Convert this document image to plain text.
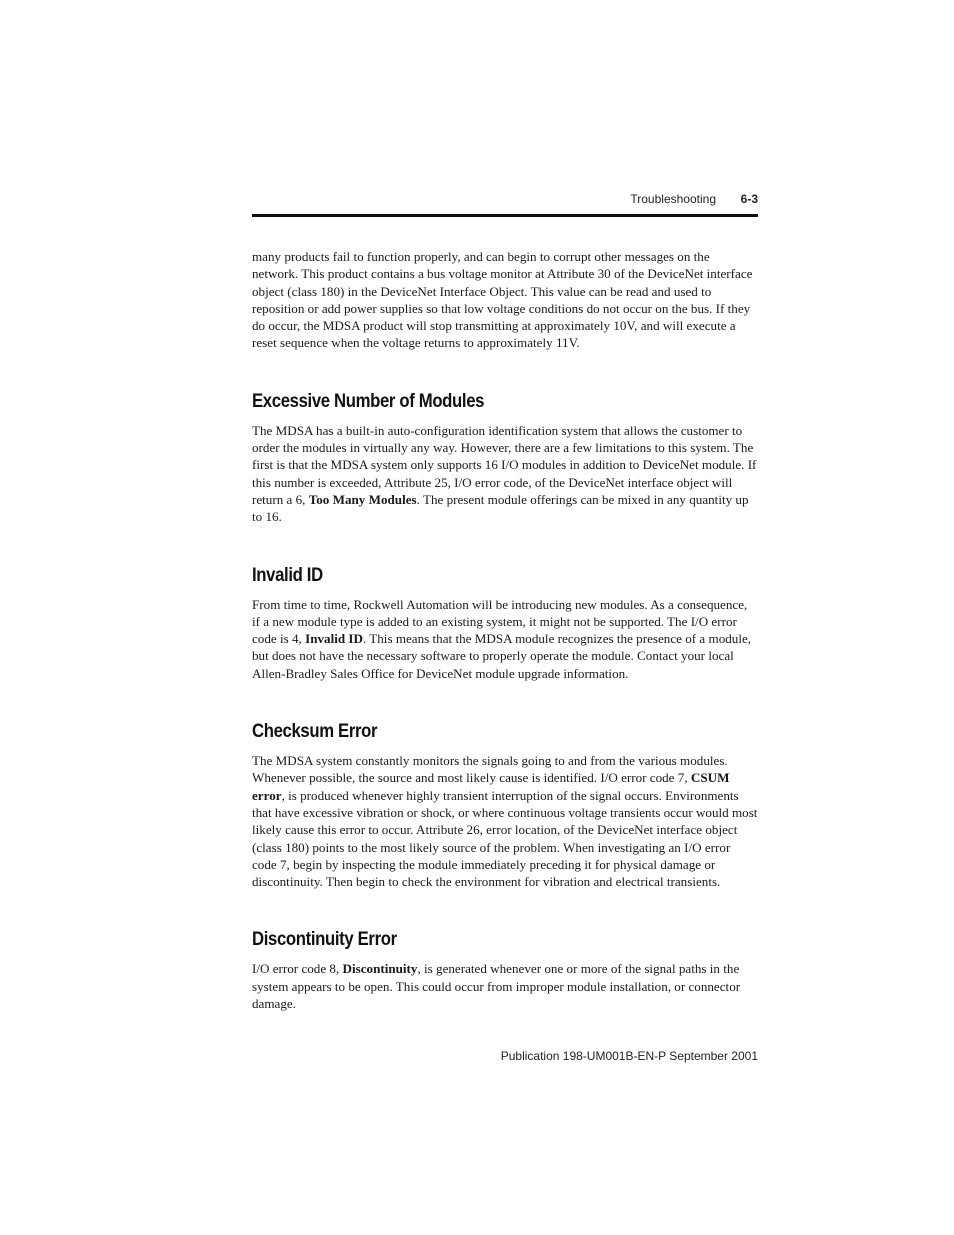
Troubleshooting 6-3

many products fail to function properly, and can begin to corrupt other messages on the network. This product contains a bus voltage monitor at Attribute 30 of the DeviceNet interface object (class 180) in the DeviceNet Interface Object. This value can be read and used to reposition or add power supplies so that low voltage conditions do not occur on the bus. If they do occur, the MDSA product will stop transmitting at approximately 10V, and will execute a reset sequence when the voltage returns to approximately 11V.

Excessive Number of Modules

The MDSA has a built-in auto-configuration identification system that allows the customer to order the modules in virtually any way. However, there are a few limitations to this system. The first is that the MDSA system only supports 16 I/O modules in addition to DeviceNet module. If this number is exceeded, Attribute 25, I/O error code, of the DeviceNet interface object will return a 6, Too Many Modules. The present module offerings can be mixed in any quantity up to 16.

Invalid ID

From time to time, Rockwell Automation will be introducing new modules. As a consequence, if a new module type is added to an existing system, it might not be supported. The I/O error code is 4, Invalid ID. This means that the MDSA module recognizes the presence of a module, but does not have the necessary software to properly operate the module. Contact your local Allen-Bradley Sales Office for DeviceNet module upgrade information.

Checksum Error

The MDSA system constantly monitors the signals going to and from the various modules. Whenever possible, the source and most likely cause is identified. I/O error code 7, CSUM error, is produced whenever highly transient interruption of the signal occurs. Environments that have excessive vibration or shock, or where continuous voltage transients occur would most likely cause this error to occur. Attribute 26, error location, of the DeviceNet interface object (class 180) points to the most likely source of the problem. When investigating an I/O error code 7, begin by inspecting the module immediately preceding it for physical damage or discontinuity. Then begin to check the environment for vibration and electrical transients.

Discontinuity Error

I/O error code 8, Discontinuity, is generated whenever one or more of the signal paths in the system appears to be open. This could occur from improper module installation, or connector damage.

Publication 198-UM001B-EN-P September 2001
